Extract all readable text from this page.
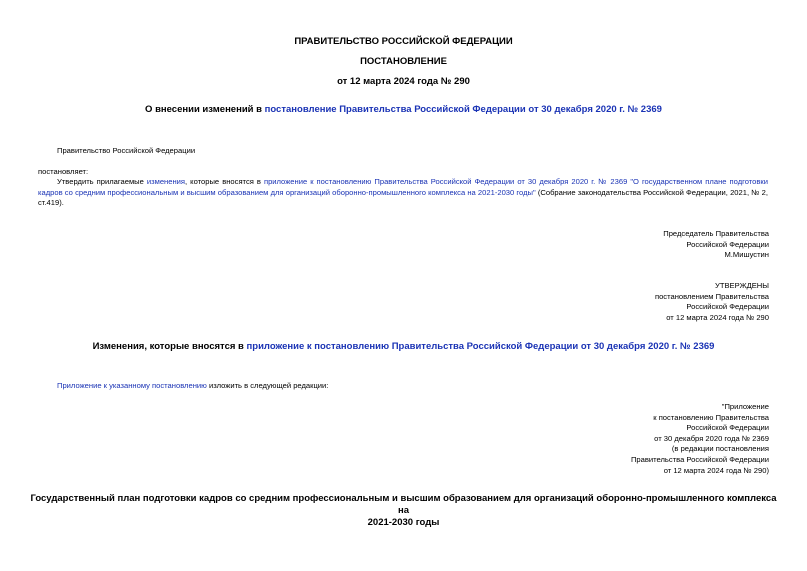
ПРАВИТЕЛЬСТВО РОССИЙСКОЙ ФЕДЕРАЦИИ
ПОСТАНОВЛЕНИЕ
от 12 марта 2024 года № 290
О внесении изменений в постановление Правительства Российской Федерации от 30 декабря 2020 г. № 2369
Правительство Российской Федерации
постановляет:
Утвердить прилагаемые изменения, которые вносятся в приложение к постановлению Правительства Российской Федерации от 30 декабря 2020 г. № 2369 "О государственном плане подготовки кадров со средним профессиональным и высшим образованием для организаций оборонно-промышленного комплекса на 2021-2030 годы" (Собрание законодательства Российской Федерации, 2021, № 2, ст.419).
Председатель Правительства
Российской Федерации
М.Мишустин
УТВЕРЖДЕНЫ
постановлением Правительства
Российской Федерации
от 12 марта 2024 года № 290
Изменения, которые вносятся в приложение к постановлению Правительства Российской Федерации от 30 декабря 2020 г. № 2369
Приложение к указанному постановлению изложить в следующей редакции:
"Приложение
к постановлению Правительства
Российской Федерации
от 30 декабря 2020 года № 2369
(в редакции постановления
Правительства Российской Федерации
от 12 марта 2024 года № 290)
Государственный план подготовки кадров со средним профессиональным и высшим образованием для организаций оборонно-промышленного комплекса на
2021-2030 годы
